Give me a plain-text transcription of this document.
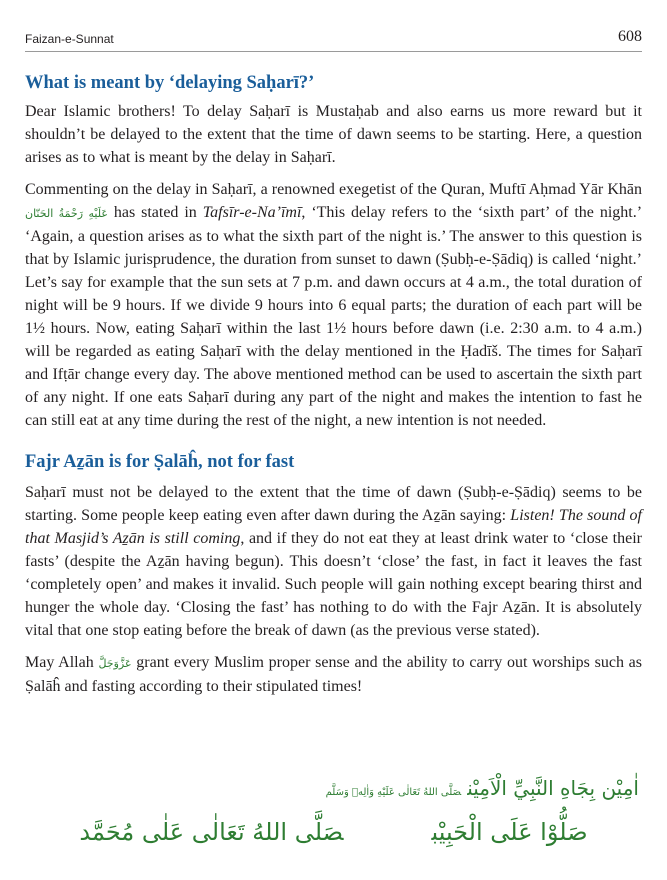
Faizan-e-Sunnat	608
What is meant by ‘delaying Saḥarī?’

Dear Islamic brothers! To delay Saḥarī is Mustaḥab and also earns us more reward but it shouldn’t be delayed to the extent that the time of dawn seems to be starting. Here, a question arises as to what is meant by the delay in Saḥarī.

Commenting on the delay in Saḥarī, a renowned exegetist of the Quran, Muftī Aḥmad Yār Khān عَلَيْهِ رَحْمَةُ الحَنّان has stated in Tafsīr-e-Na’īmī, ‘This delay refers to the ‘sixth part’ of the night.’ ‘Again, a question arises as to what the sixth part of the night is.’ The answer to this question is that by Islamic jurisprudence, the duration from sunset to dawn (Ṣubḥ-e-Ṣādiq) is called ‘night.’ Let’s say for example that the sun sets at 7 p.m. and dawn occurs at 4 a.m., the total duration of night will be 9 hours. If we divide 9 hours into 6 equal parts; the duration of each part will be 1½ hours. Now, eating Saḥarī within the last 1½ hours before dawn (i.e. 2:30 a.m. to 4 a.m.) will be regarded as eating Saḥarī with the delay mentioned in the Ḥadīš. The times for Saḥarī and Ifṭār change every day. The above mentioned method can be used to ascertain the sixth part of any night. If one eats Saḥarī during any part of the night and makes the intention to fast he can still eat at any time during the rest of the night, a new intention is not needed.

Fajr Aẕān is for Ṣalāĥ, not for fast

Saḥarī must not be delayed to the extent that the time of dawn (Ṣubḥ-e-Ṣādiq) seems to be starting. Some people keep eating even after dawn during the Aẕān saying: Listen! The sound of that Masjid’s Aẕān is still coming, and if they do not eat they at least drink water to ‘close their fasts’ (despite the Aẕān having begun). This doesn’t ‘close’ the fast, in fact it leaves the fast ‘completely open’ and makes it invalid. Such people will gain nothing except bearing thirst and hunger the whole day. ‘Closing the fast’ has nothing to do with the Fajr Aẕān. It is absolutely vital that one stop eating before the break of dawn (as the previous verse stated).

May Allah عَزَّوَجَلَّ grant every Muslim proper sense and the ability to carry out worships such as Ṣalāĥ and fasting according to their stipulated times!

اٰمِيْن بِجَاهِ النَّبِيِّ الْاَمِيْنصَلَّى اللهُ تَعَالٰى عَلَيْهِ وَاٰلِهٖ وَسَلَّم
صَلُّوْا عَلَى الْحَبِيْبصَلَّى اللهُ تَعَالٰى عَلٰى مُحَمَّد
